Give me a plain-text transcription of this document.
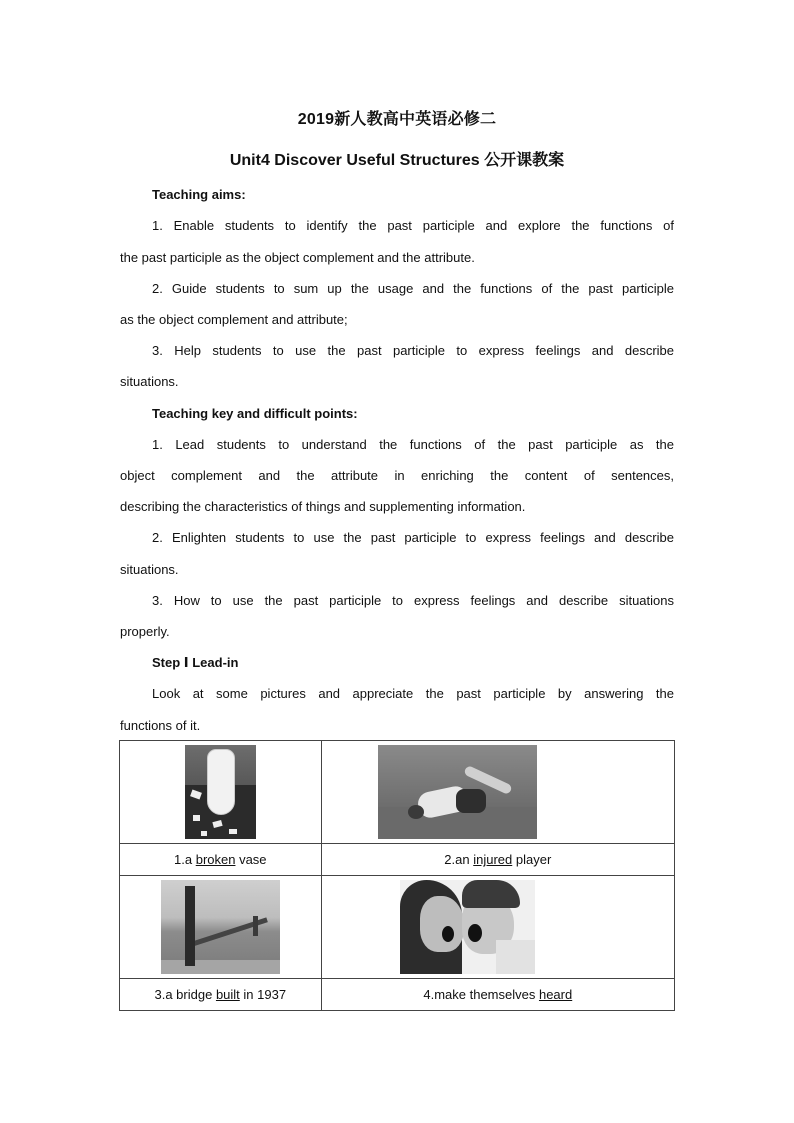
2019新人教高中英语必修二
Unit4 Discover Useful Structures 公开课教案
Teaching aims:
1. Enable students to identify the past participle and explore the functions of
the past participle as the object complement and the attribute.
2. Guide students to sum up the usage and the functions of the past participle
as the object complement and attribute;
3. Help students to use the past participle to express feelings and describe
situations.
Teaching key and difficult points:
1. Lead students to understand the functions of the past participle as the
object complement and the attribute in enriching the content of sentences,
describing the characteristics of things and supplementing information.
2. Enlighten students to use the past participle to express feelings and describe
situations.
3. How to use the past participle to express feelings and describe situations
properly.
Step Ⅰ Lead-in
Look at some pictures and appreciate the past participle by answering the
functions of it.

1.a broken vase	2.an injured player

3.a bridge built in 1937	4.make themselves heard
